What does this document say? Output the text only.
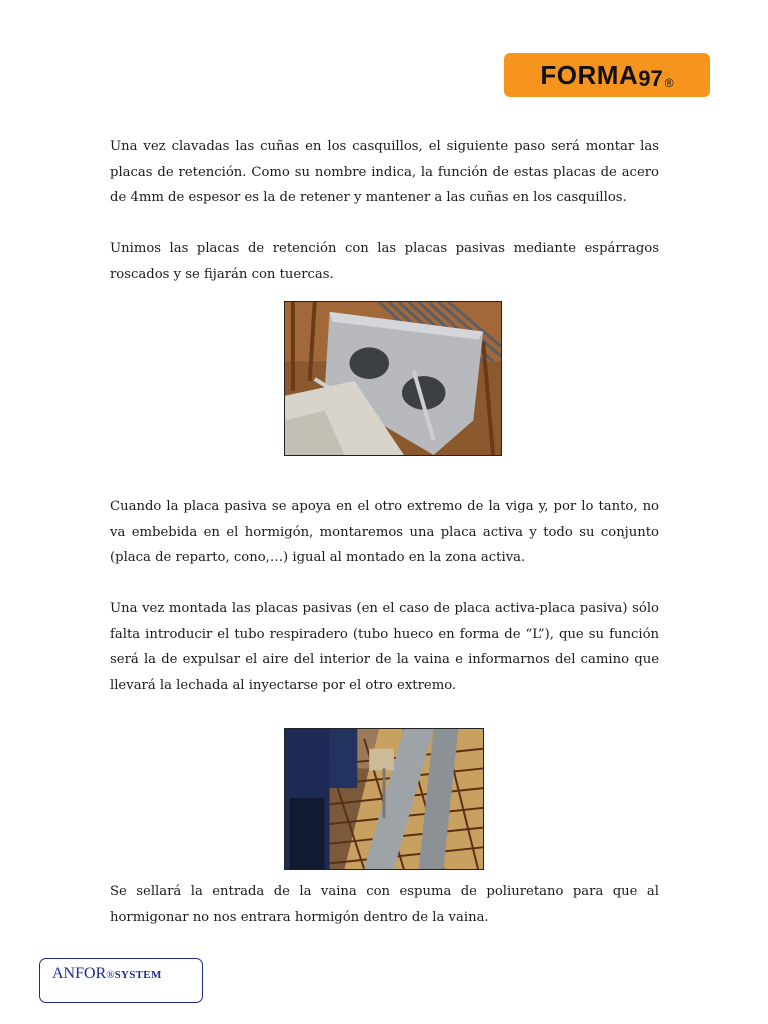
FORMA 97 ®

Una vez clavadas las cuñas en los casquillos, el siguiente paso será montar las placas de retención. Como su nombre indica, la función de estas placas de acero de 4mm de espesor es la de retener y mantener a las cuñas en los casquillos.

Unimos las placas de retención con las placas pasivas mediante espárragos roscados y se fijarán con tuercas.

Cuando la placa pasiva se apoya en el otro extremo de la viga y, por lo tanto, no va embebida en el hormigón, montaremos una placa activa y todo su conjunto (placa de reparto, cono,…) igual al montado en la zona activa.

Una vez montada las placas pasivas (en el caso de placa activa-placa pasiva) sólo falta introducir el tubo respiradero (tubo hueco en forma de “L”), que su función será la de expulsar el aire del interior de la vaina e informarnos del camino que llevará la lechada al inyectarse por el otro extremo.

Se sellará la entrada de la vaina con espuma de poliuretano para que al hormigonar no nos entrara hormigón dentro de la vaina.

ANFOR®SYSTEM
